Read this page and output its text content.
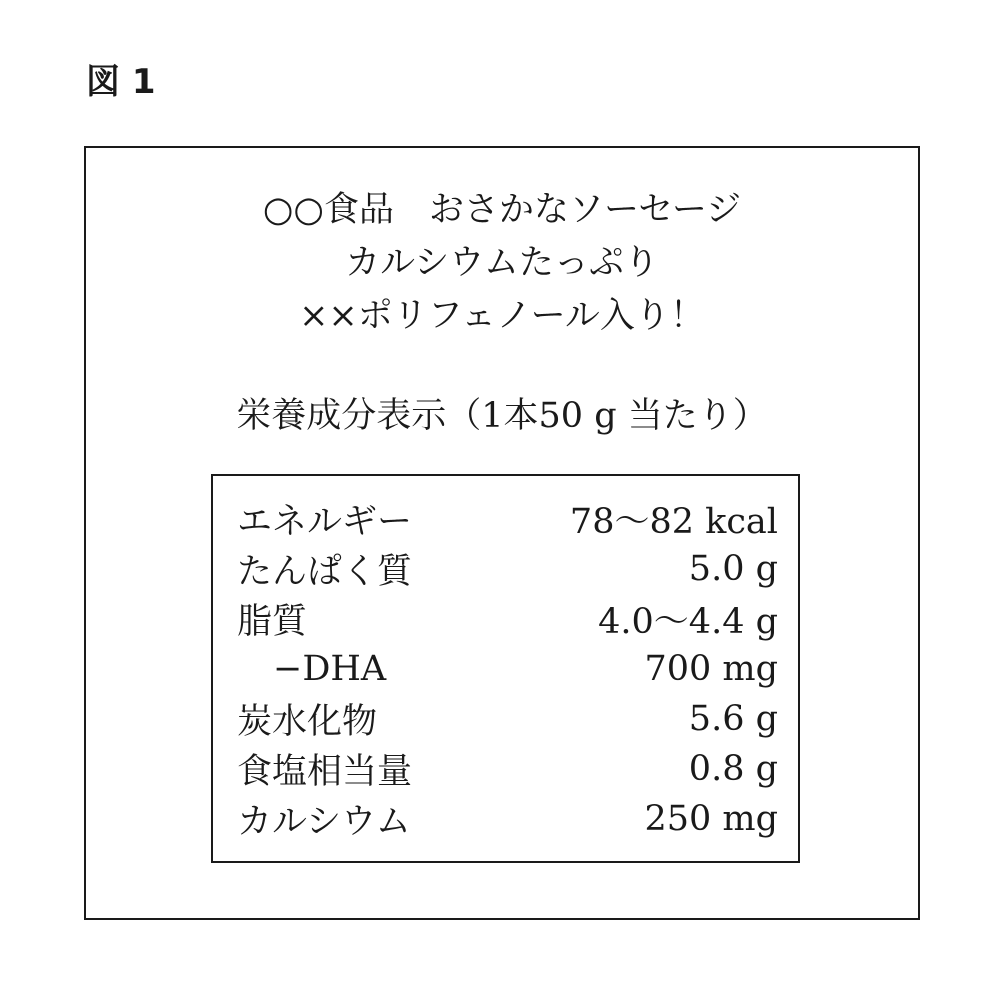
図 1
○○食品　おさかなソーセージ
カルシウムたっぷり
××ポリフェノール入り！
栄養成分表示（1本50 g 当たり）
エネルギー	78〜82 kcal
たんぱく質	5.0 g
脂質	4.0〜4.4 g
−DHA	700 mg
炭水化物	5.6 g
食塩相当量	0.8 g
カルシウム	250 mg
